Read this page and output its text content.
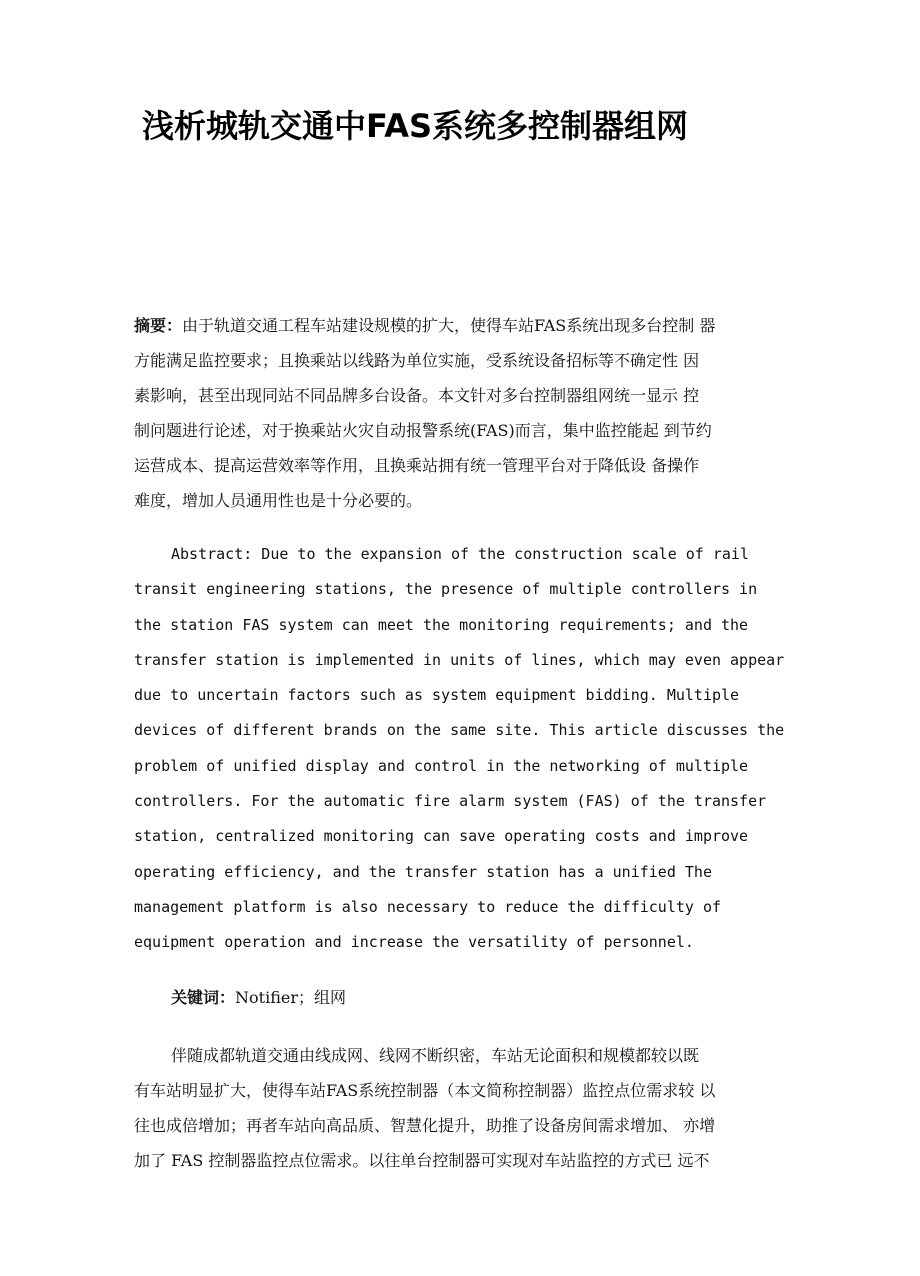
浅析城轨交通中FAS系统多控制器组网
摘要：由于轨道交通工程车站建设规模的扩大，使得车站FAS系统出现多台控制 器
方能满足监控要求；且换乘站以线路为单位实施，受系统设备招标等不确定性 因
素影响，甚至出现同站不同品牌多台设备。本文针对多台控制器组网统一显示 控
制问题进行论述，对于换乘站火灾自动报警系统(FAS)而言，集中监控能起 到节约
运营成本、提高运营效率等作用，且换乘站拥有统一管理平台对于降低设 备操作
难度，增加人员通用性也是十分必要的。
Abstract: Due to the expansion of the construction scale of rail
transit engineering stations, the presence of multiple controllers in
the station FAS system can meet the monitoring requirements; and the
transfer station is implemented in units of lines, which may even appear
due to uncertain factors such as system equipment bidding. Multiple
devices of different brands on the same site. This article discusses the
problem of unified display and control in the networking of multiple
controllers. For the automatic fire alarm system (FAS) of the transfer
station, centralized monitoring can save operating costs and improve
operating efficiency, and the transfer station has a unified The
management platform is also necessary to reduce the difficulty of
equipment operation and increase the versatility of personnel.
关键词：Notifier；组网
伴随成都轨道交通由线成网、线网不断织密，车站无论面积和规模都较以既
有车站明显扩大，使得车站FAS系统控制器（本文简称控制器）监控点位需求较 以
往也成倍增加；再者车站向高品质、智慧化提升，助推了设备房间需求增加、 亦增
加了 FAS 控制器监控点位需求。以往单台控制器可实现对车站监控的方式已 远不
